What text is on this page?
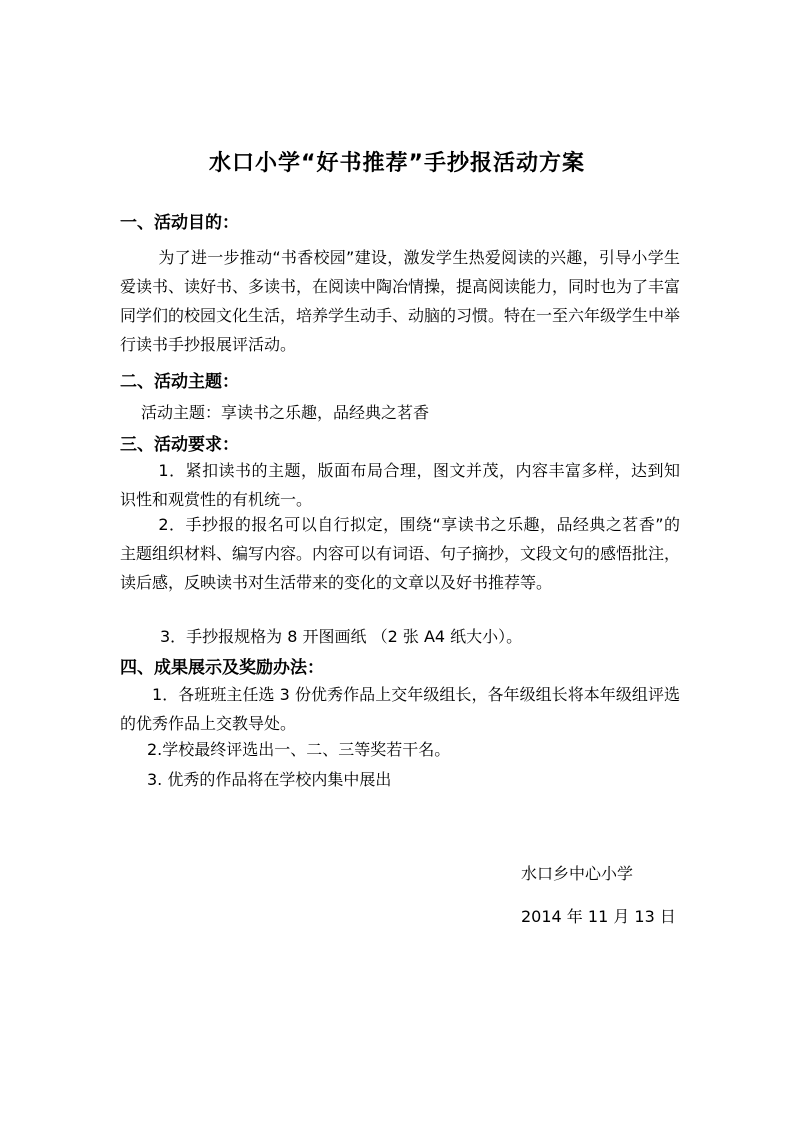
水口小学“好书推荐”手抄报活动方案
一、活动目的：
为了进一步推动“书香校园”建设，激发学生热爱阅读的兴趣，引导小学生爱读书、读好书、多读书，在阅读中陶冶情操，提高阅读能力，同时也为了丰富同学们的校园文化生活，培养学生动手、动脑的习惯。特在一至六年级学生中举行读书手抄报展评活动。
二、活动主题：
活动主题：享读书之乐趣，品经典之茗香
三、活动要求：
1．紧扣读书的主题，版面布局合理，图文并茂，内容丰富多样，达到知识性和观赏性的有机统一。
2．手抄报的报名可以自行拟定，围绕“享读书之乐趣，品经典之茗香”的主题组织材料、编写内容。内容可以有词语、句子摘抄，文段文句的感悟批注，读后感，反映读书对生活带来的变化的文章以及好书推荐等。
3．手抄报规格为 8 开图画纸 （2 张 A4 纸大小）。
四、成果展示及奖励办法：
1．各班班主任选 3 份优秀作品上交年级组长，各年级组长将本年级组评选的优秀作品上交教导处。
2.学校最终评选出一、二、三等奖若干名。
3. 优秀的作品将在学校内集中展出
水口乡中心小学
2014 年 11 月 13 日
